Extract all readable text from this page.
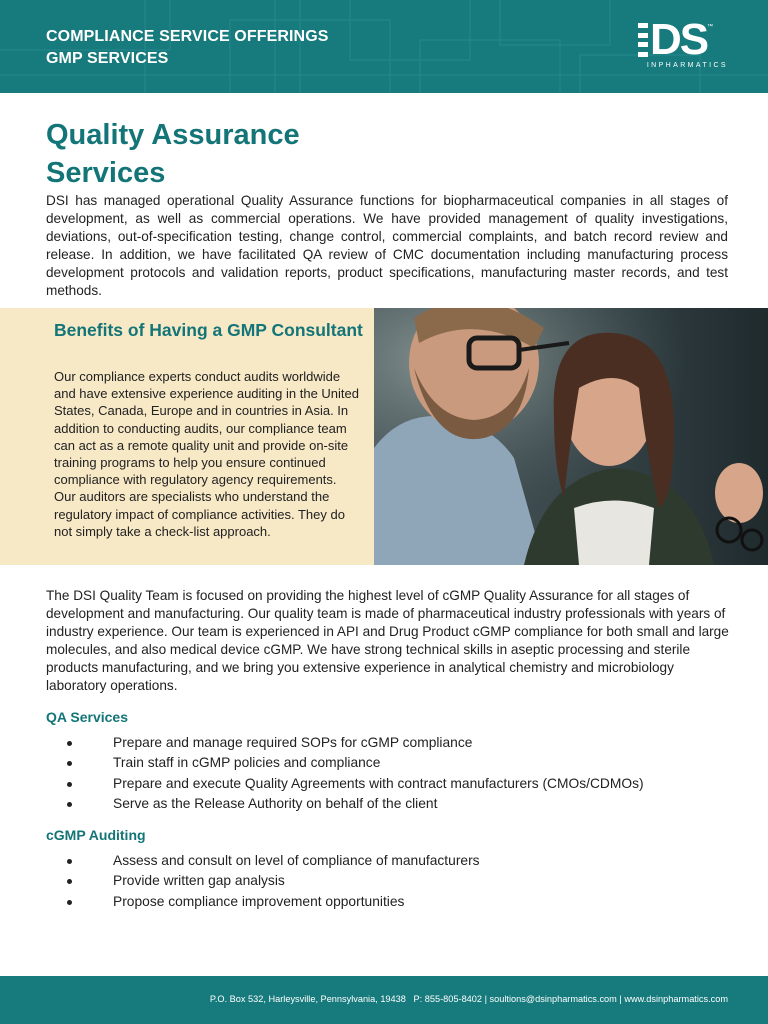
COMPLIANCE SERVICE OFFERINGS
GMP SERVICES	DS ™
INPHARMATICS
Quality Assurance
Services

DSI has managed operational Quality Assurance functions for biopharmaceutical companies in all stages of development, as well as commercial operations. We have provided management of quality investigations, deviations, out-of-specification testing, change control, commercial complaints, and batch record review and release. In addition, we have facilitated QA review of CMC documentation including manufacturing process development protocols and validation reports, product specifications, manufacturing master records, and test methods.

Benefits of Having a GMP Consultant

Our compliance experts conduct audits worldwide and have extensive experience auditing in the United States, Canada, Europe and in countries in Asia. In addition to conducting audits, our compliance team can act as a remote quality unit and provide on-site training programs to help you ensure continued compliance with regulatory agency requirements. Our auditors are specialists who understand the regulatory impact of compliance activities. They do not simply take a check-list approach.

The DSI Quality Team is focused on providing the highest level of cGMP Quality Assurance for all stages of development and manufacturing. Our quality team is made of pharmaceutical industry professionals with years of industry experience. Our team is experienced in API and Drug Product cGMP compliance for both small and large molecules, and also medical device cGMP. We have strong technical skills in aseptic processing and sterile products manufacturing, and we bring you extensive experience in analytical chemistry and microbiology laboratory operations.

QA Services
Prepare and manage required SOPs for cGMP compliance
Train staff in cGMP policies and compliance
Prepare and execute Quality Agreements with contract manufacturers (CMOs/CDMOs)
Serve as the Release Authority on behalf of the client
cGMP Auditing
Assess and consult on level of compliance of manufacturers
Provide written gap analysis
Propose compliance improvement opportunities
P.O. Box 532, Harleysville, Pennsylvania, 19438 P: 855-805-8402 | soultions@dsinpharmatics.com | www.dsinpharmatics.com
